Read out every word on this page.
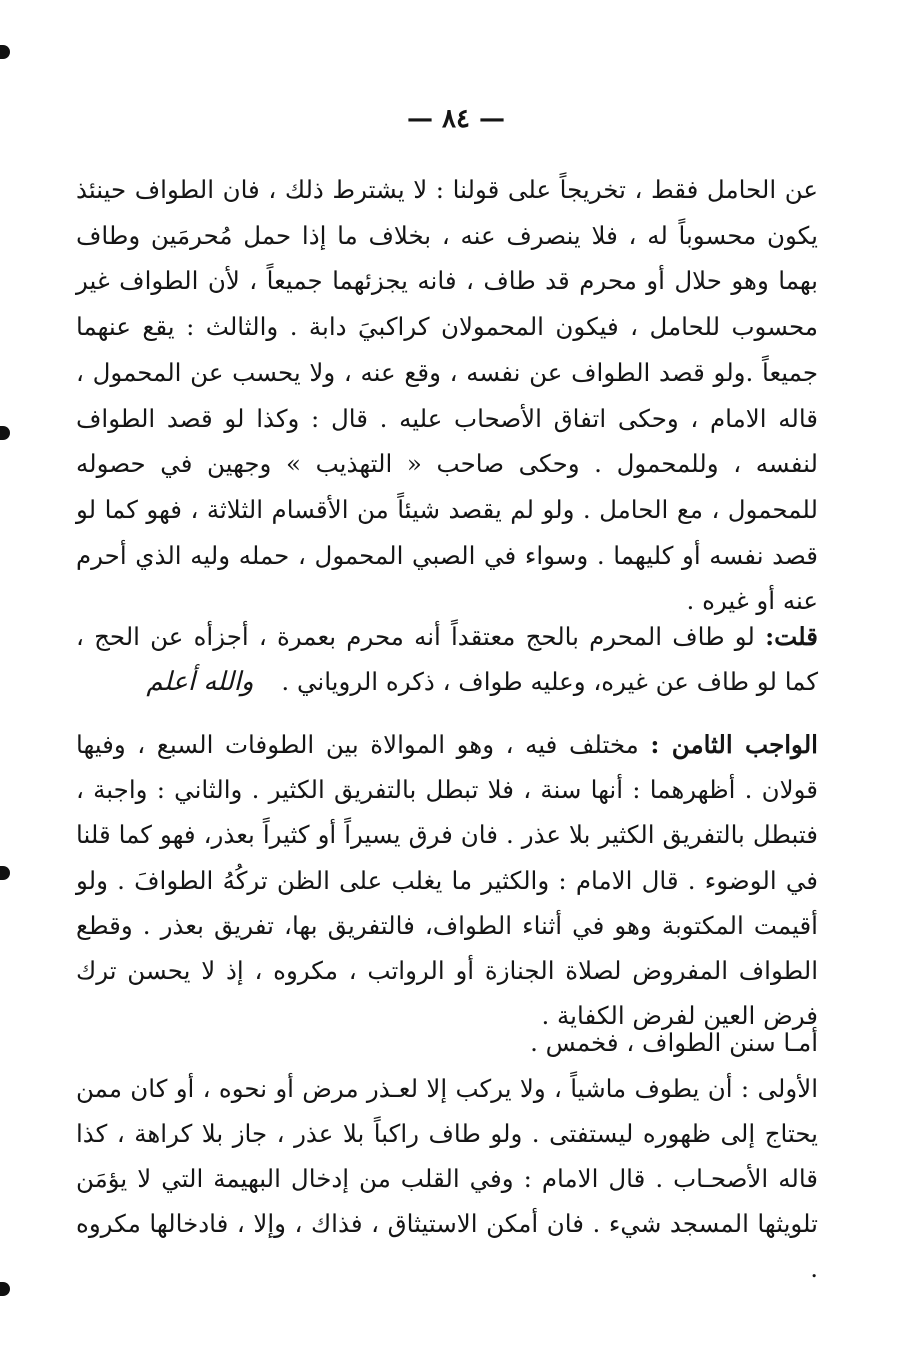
— ٨٤ —
عن الحامل فقط ، تخريجاً على قولنا : لا يشترط ذلك ، فان الطواف حينئذ يكون محسوباً له ، فلا ينصرف عنه ، بخلاف ما إذا حمل مُحرمَين وطاف بهما وهو حلال أو محرم قد طاف ، فانه يجزئهما جميعاً ، لأن الطواف غير محسوب للحامل ، فيكون المحمولان كراكبيَ دابة . والثالث : يقع عنهما جميعاً .ولو قصد الطواف عن نفسه ، وقع عنه ، ولا يحسب عن المحمول ، قاله الامام ، وحكى اتفاق الأصحاب عليه . قال : وكذا لو قصد الطواف لنفسه ، وللمحمول . وحكى صاحب « التهذيب » وجهين في حصوله للمحمول ، مع الحامل . ولو لم يقصد شيئاً من الأقسام الثلاثة ، فهو كما لو قصد نفسه أو كليهما . وسواء في الصبي المحمول ، حمله وليه الذي أحرم عنه أو غيره .
قلت: لو طاف المحرم بالحج معتقداً أنه محرم بعمرة ، أجزأه عن الحج ، كما لو طاف عن غيره، وعليه طواف ، ذكره الروياني . والله أعلم
الواجب الثامن : مختلف فيه ، وهو الموالاة بين الطوفات السبع ، وفيها قولان . أظهرهما : أنها سنة ، فلا تبطل بالتفريق الكثير . والثاني : واجبة ، فتبطل بالتفريق الكثير بلا عذر . فان فرق يسيراً أو كثيراً بعذر، فهو كما قلنا في الوضوء . قال الامام : والكثير ما يغلب على الظن تركُهُ الطوافَ . ولو أقيمت المكتوبة وهو في أثناء الطواف، فالتفريق بها، تفريق بعذر . وقطع الطواف المفروض لصلاة الجنازة أو الرواتب ، مكروه ، إذ لا يحسن ترك فرض العين لفرض الكفاية .
أمـا سنن الطواف ، فخمس .
الأولى : أن يطوف ماشياً ، ولا يركب إلا لعـذر مرض أو نحوه ، أو كان ممن يحتاج إلى ظهوره ليستفتى . ولو طاف راكباً بلا عذر ، جاز بلا كراهة ، كذا قاله الأصحـاب . قال الامام : وفي القلب من إدخال البهيمة التي لا يؤمَن تلويثها المسجد شيء . فان أمكن الاستيثاق ، فذاك ، وإلا ، فادخالها مكروه .
